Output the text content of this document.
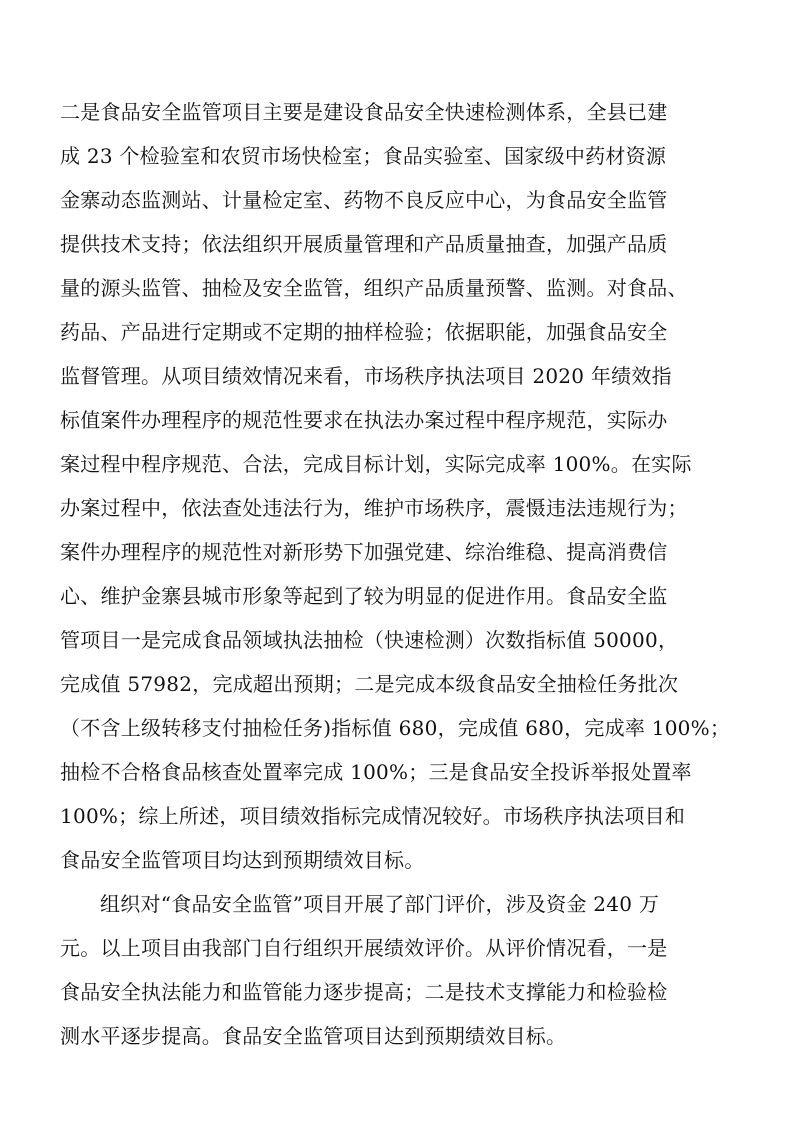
二是食品安全监管项目主要是建设食品安全快速检测体系，全县已建
成 23 个检验室和农贸市场快检室；食品实验室、国家级中药材资源
金寨动态监测站、计量检定室、药物不良反应中心，为食品安全监管
提供技术支持；依法组织开展质量管理和产品质量抽查，加强产品质
量的源头监管、抽检及安全监管，组织产品质量预警、监测。对食品、
药品、产品进行定期或不定期的抽样检验；依据职能，加强食品安全
监督管理。从项目绩效情况来看，市场秩序执法项目 2020 年绩效指
标值案件办理程序的规范性要求在执法办案过程中程序规范，实际办
案过程中程序规范、合法，完成目标计划，实际完成率 100%。在实际
办案过程中，依法查处违法行为，维护市场秩序，震慑违法违规行为；
案件办理程序的规范性对新形势下加强党建、综治维稳、提高消费信
心、维护金寨县城市形象等起到了较为明显的促进作用。食品安全监
管项目一是完成食品领域执法抽检（快速检测）次数指标值 50000，
完成值 57982，完成超出预期；二是完成本级食品安全抽检任务批次
（不含上级转移支付抽检任务)指标值 680，完成值 680，完成率 100%；
抽检不合格食品核查处置率完成 100%；三是食品安全投诉举报处置率
100%；综上所述，项目绩效指标完成情况较好。市场秩序执法项目和
食品安全监管项目均达到预期绩效目标。
组织对“食品安全监管”项目开展了部门评价，涉及资金 240 万
元。以上项目由我部门自行组织开展绩效评价。从评价情况看，一是
食品安全执法能力和监管能力逐步提高；二是技术支撑能力和检验检
测水平逐步提高。食品安全监管项目达到预期绩效目标。
